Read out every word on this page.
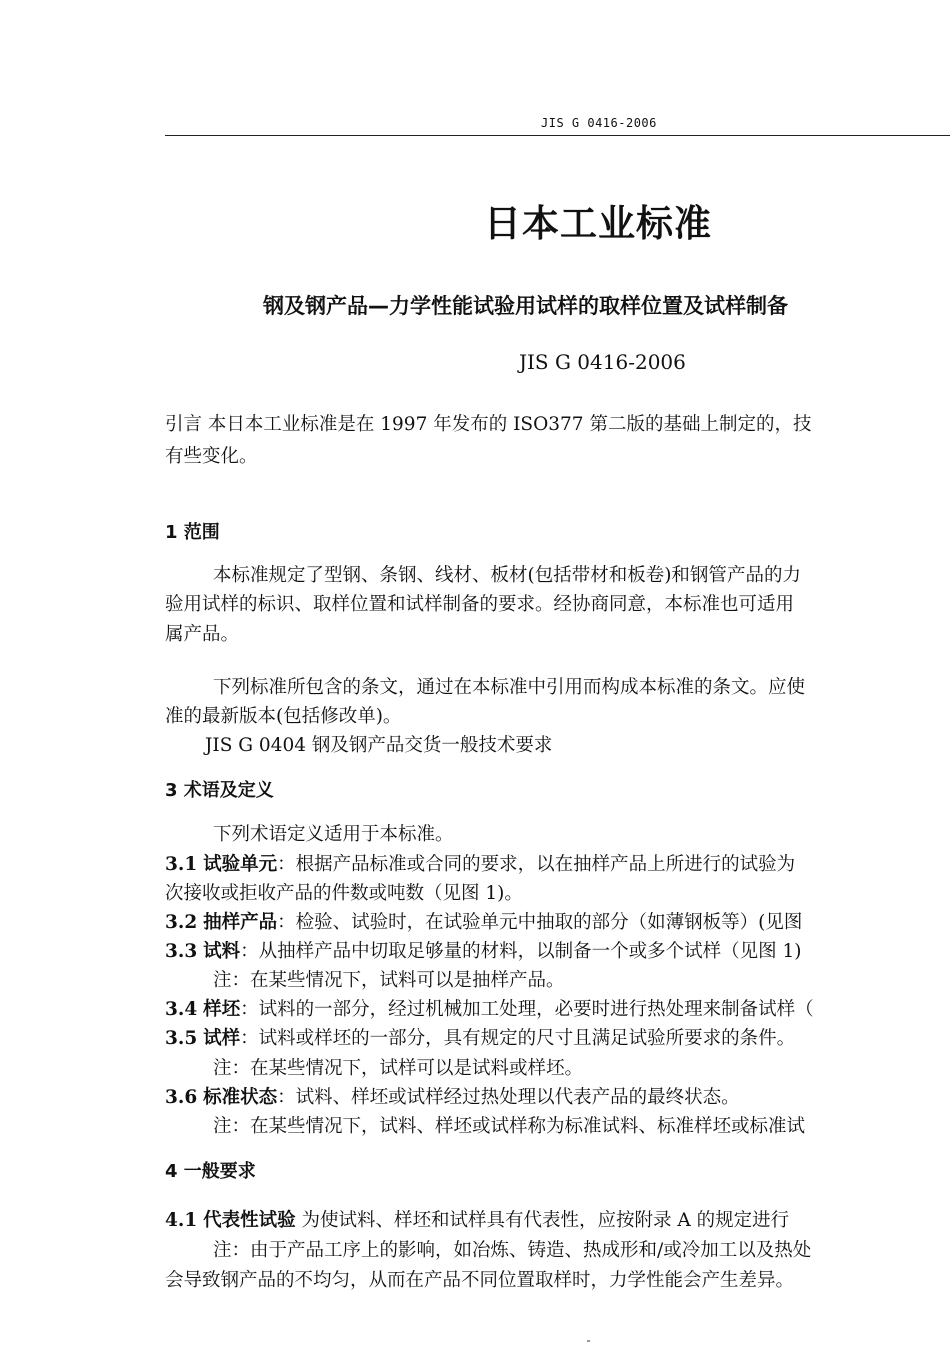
JIS G 0416-2006
日本工业标准
钢及钢产品—力学性能试验用试样的取样位置及试样制备
JIS G 0416-2006
引言 本日本工业标准是在 1997 年发布的 ISO377 第二版的基础上制定的，技
有些变化。
1 范围
本标准规定了型钢、条钢、线材、板材(包括带材和板卷)和钢管产品的力
验用试样的标识、取样位置和试样制备的要求。经协商同意，本标准也可适用
属产品。
下列标准所包含的条文，通过在本标准中引用而构成本标准的条文。应使
准的最新版本(包括修改单)。
JIS G 0404 钢及钢产品交货一般技术要求
3 术语及定义
下列术语定义适用于本标准。
3.1 试验单元：根据产品标准或合同的要求，以在抽样产品上所进行的试验为
次接收或拒收产品的件数或吨数（见图 1)。
3.2 抽样产品：检验、试验时，在试验单元中抽取的部分（如薄钢板等）(见图
3.3 试料：从抽样产品中切取足够量的材料，以制备一个或多个试样（见图 1)
注：在某些情况下，试料可以是抽样产品。
3.4 样坯：试料的一部分，经过机械加工处理，必要时进行热处理来制备试样（
3.5 试样：试料或样坯的一部分，具有规定的尺寸且满足试验所要求的条件。
注：在某些情况下，试样可以是试料或样坯。
3.6 标准状态：试料、样坯或试样经过热处理以代表产品的最终状态。
注：在某些情况下，试料、样坯或试样称为标准试料、标准样坯或标准试
4 一般要求
4.1 代表性试验 为使试料、样坯和试样具有代表性，应按附录 A 的规定进行
注：由于产品工序上的影响，如冶炼、铸造、热成形和/或冷加工以及热处
会导致钢产品的不均匀，从而在产品不同位置取样时，力学性能会产生差异。
